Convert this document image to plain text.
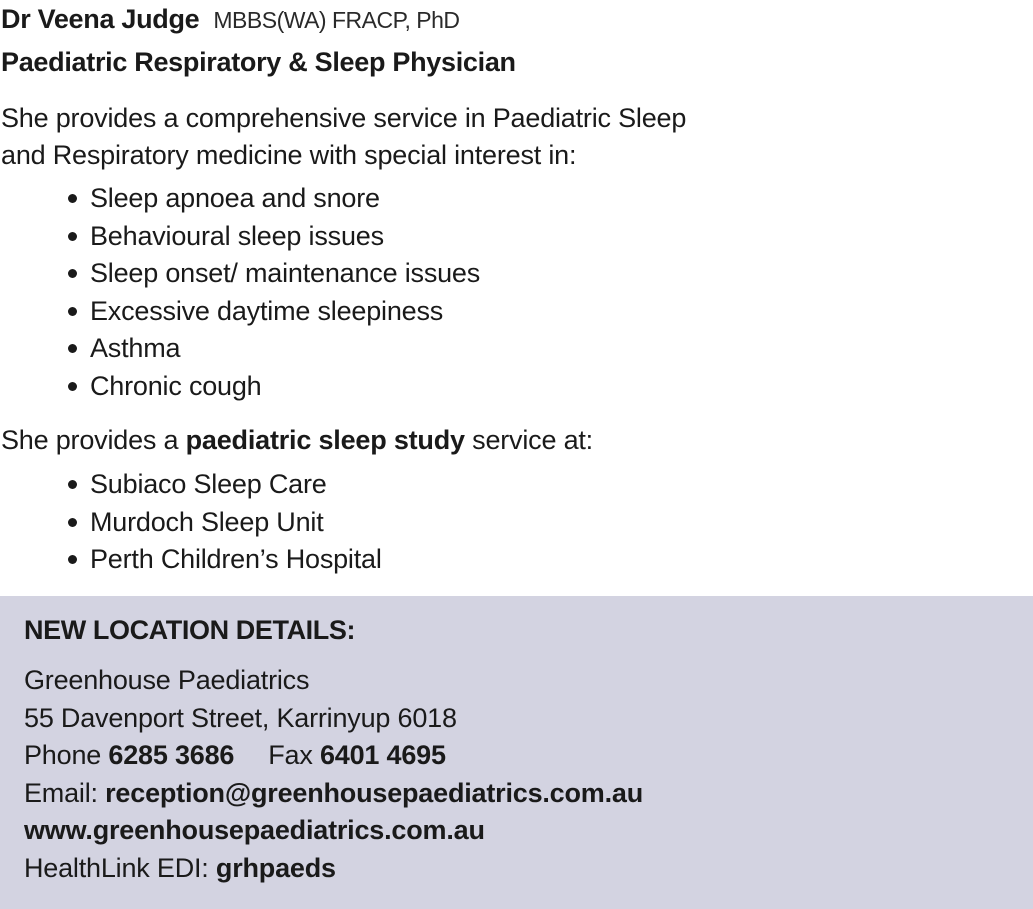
Dr Veena Judge MBBS(WA) FRACP, PhD
Paediatric Respiratory & Sleep Physician
She provides a comprehensive service in Paediatric Sleep
and Respiratory medicine with special interest in:
Sleep apnoea and snore
Behavioural sleep issues
Sleep onset/ maintenance issues
Excessive daytime sleepiness
Asthma
Chronic cough
She provides a paediatric sleep study service at:
Subiaco Sleep Care
Murdoch Sleep Unit
Perth Children’s Hospital
NEW LOCATION DETAILS:
Greenhouse Paediatrics
55 Davenport Street, Karrinyup 6018
Phone 6285 3686 Fax 6401 4695
Email: reception@greenhousepaediatrics.com.au
www.greenhousepaediatrics.com.au
HealthLink EDI: grhpaeds
